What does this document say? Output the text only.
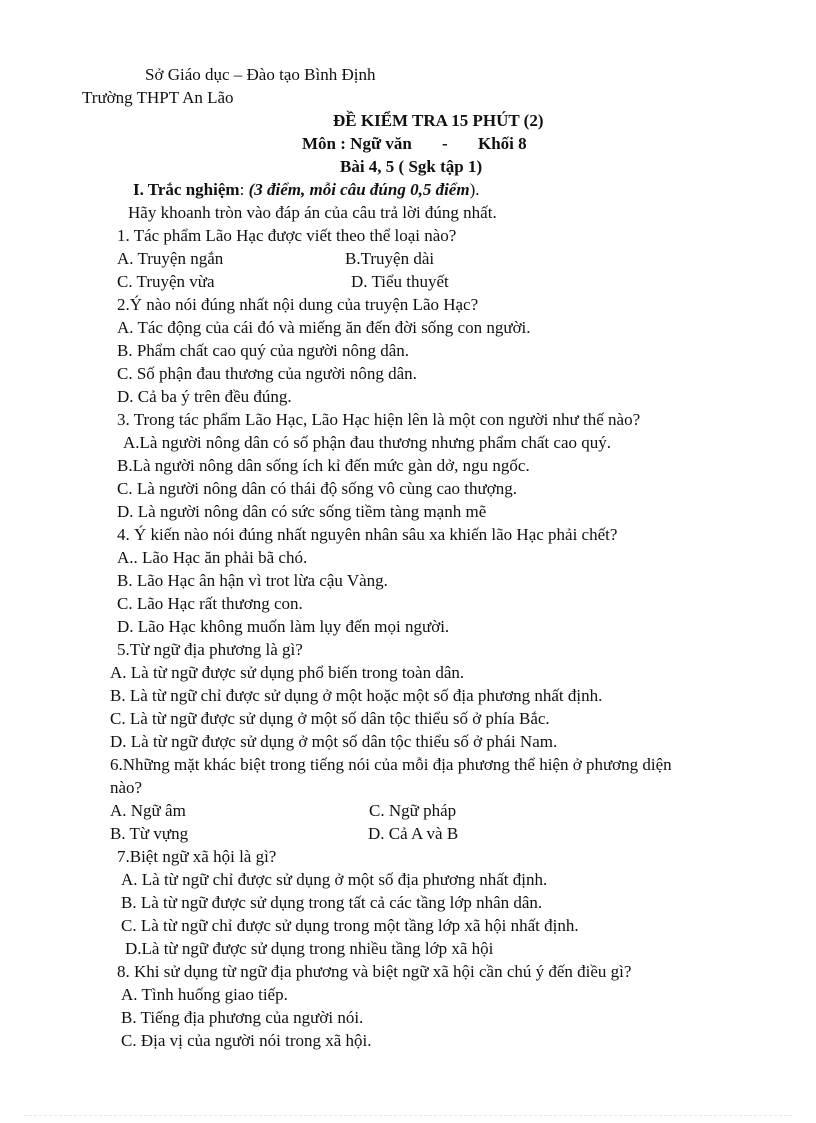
Sở Giáo dục – Đào tạo Bình Định
Trường THPT An Lão
ĐỀ KIỂM TRA 15 PHÚT (2)
Môn : Ngữ văn - Khối 8
Bài 4, 5 ( Sgk tập 1)
I. Trắc nghiệm: (3 điểm, mỗi câu đúng 0,5 điểm).
Hãy khoanh tròn vào đáp án của câu trả lời đúng nhất.
1. Tác phẩm Lão Hạc được viết theo thể loại nào?
A. Truyện ngắn	B.Truyện dài
C. Truyện vừa	D. Tiểu thuyết
2.Ý nào nói đúng nhất nội dung của truyện Lão Hạc?
A. Tác động của cái đó và miếng ăn đến đời sống con người.
B. Phẩm chất cao quý của người nông dân.
C. Số phận đau thương của người nông dân.
D. Cả ba ý trên đều đúng.
3. Trong tác phẩm Lão Hạc, Lão Hạc hiện lên là một con người như thế nào?
A.Là người nông dân có số phận đau thương nhưng phẩm chất cao quý.
B.Là người nông dân sống ích kỉ đến mức gàn dở, ngu ngốc.
C. Là người nông dân có thái độ sống vô cùng cao thượng.
D. Là người nông dân có sức sống tiềm tàng mạnh mẽ
4. Ý kiến nào nói đúng nhất nguyên nhân sâu xa khiến lão Hạc phải chết?
A.. Lão Hạc ăn phải bã chó.
B. Lão Hạc ân hận vì trot lừa cậu Vàng.
C. Lão Hạc rất thương con.
D. Lão Hạc không muốn làm lụy đến mọi người.
5.Từ ngữ địa phương là gì?
A. Là từ ngữ được sử dụng phổ biến trong toàn dân.
B. Là từ ngữ chỉ được sử dụng ở một hoặc một số địa phương nhất định.
C. Là từ ngữ được sử dụng ở một số dân tộc thiểu số ở phía Bắc.
D. Là từ ngữ được sử dụng ở một số dân tộc thiểu số ở phái Nam.
6.Những mặt khác biệt trong tiếng nói của mỗi địa phương thể hiện ở phương diện
nào?
A. Ngữ âm	C. Ngữ pháp
B. Từ vựng	D. Cả A và B
7.Biệt ngữ xã hội là gì?
A. Là từ ngữ chỉ được sử dụng ở một số địa phương nhất định.
B. Là từ ngữ được sử dụng trong tất cả các tầng lớp nhân dân.
C. Là từ ngữ chỉ được sử dụng trong một tầng lớp xã hội nhất định.
D.Là từ ngữ được sử dụng trong nhiều tầng lớp xã hội
8. Khi sử dụng từ ngữ địa phương và biệt ngữ xã hội cần chú ý đến điều gì?
A. Tình huống giao tiếp.
B. Tiếng địa phương của người nói.
C. Địa vị của người nói trong xã hội.
